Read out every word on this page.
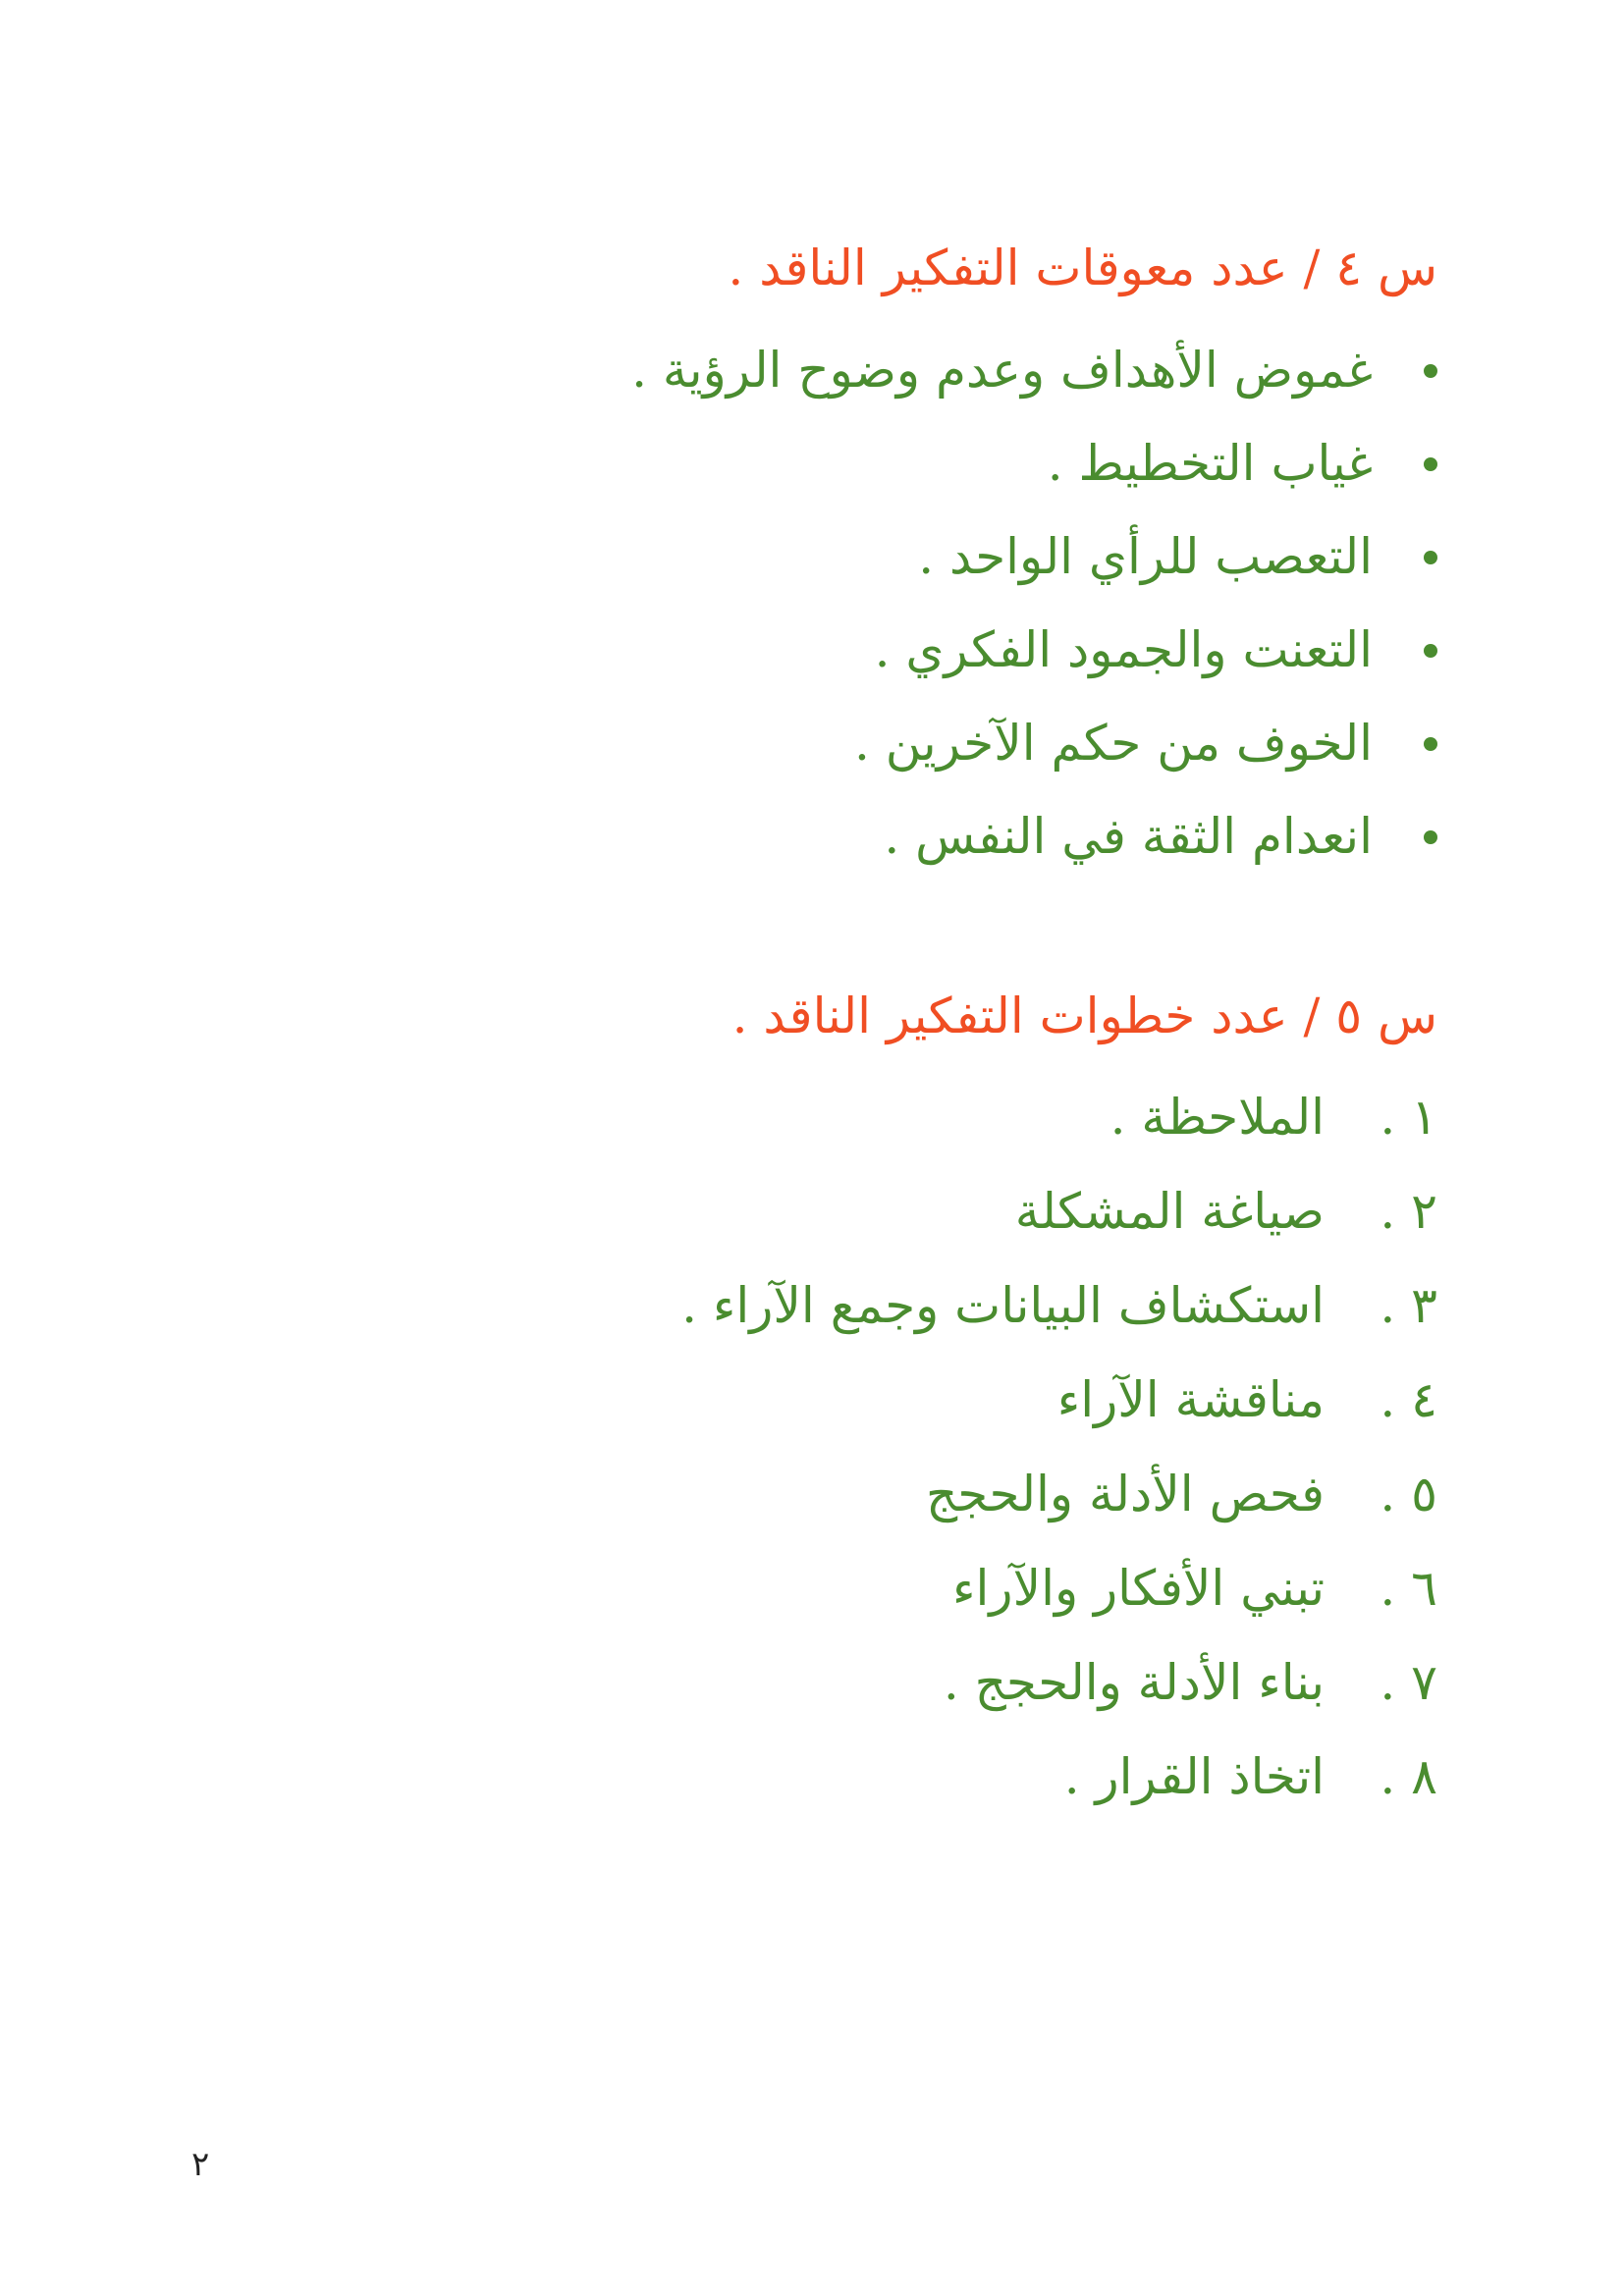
س ٤ / عدد معوقات التفكير الناقد .
غموض الأهداف وعدم وضوح الرؤية .
غياب التخطيط .
التعصب للرأي الواحد .
التعنت والجمود الفكري .
الخوف من حكم الآخرين .
انعدام الثقة في النفس .
س ٥ / عدد خطوات التفكير الناقد .
١ .
الملاحظة .
٢ .
صياغة المشكلة
٣ .
استكشاف البيانات وجمع الآراء .
٤ .
مناقشة الآراء
٥ .
فحص الأدلة والحجج
٦ .
تبني الأفكار والآراء
٧ .
بناء الأدلة والحجج .
٨ .
اتخاذ القرار .
٢
